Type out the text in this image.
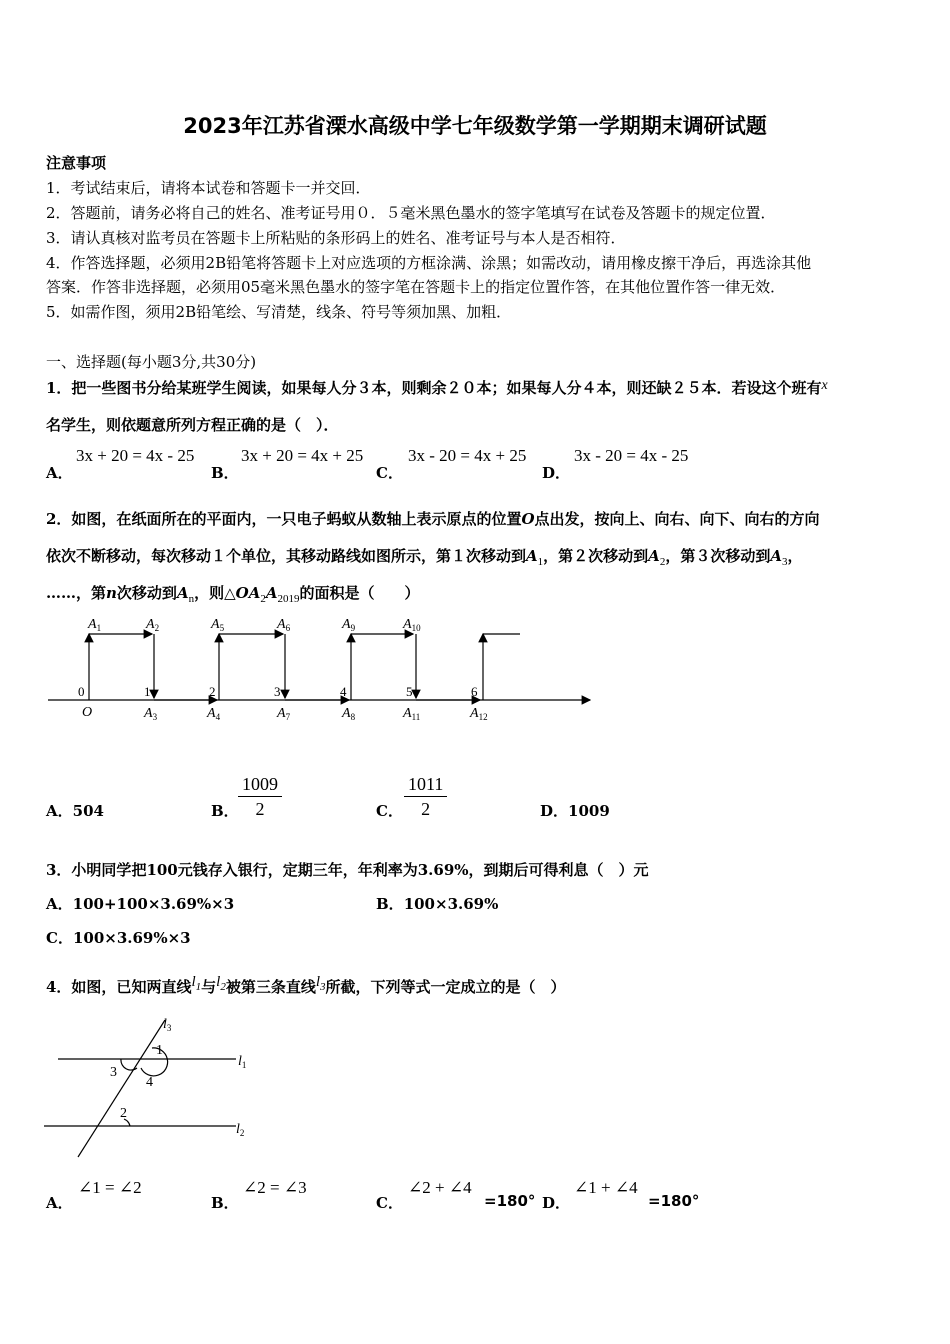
2023年江苏省溧水高级中学七年级数学第一学期期末调研试题
注意事项
1．考试结束后，请将本试卷和答题卡一并交回．
2．答题前，请务必将自己的姓名、准考证号用０．５毫米黑色墨水的签字笔填写在试卷及答题卡的规定位置．
3．请认真核对监考员在答题卡上所粘贴的条形码上的姓名、准考证号与本人是否相符．
4．作答选择题，必须用2B铅笔将答题卡上对应选项的方框涂满、涂黑；如需改动，请用橡皮擦干净后，再选涂其他
答案．作答非选择题，必须用05毫米黑色墨水的签字笔在答题卡上的指定位置作答，在其他位置作答一律无效．
5．如需作图，须用2B铅笔绘、写清楚，线条、符号等须加黑、加粗．
一、选择题(每小题3分,共30分)
1．把一些图书分给某班学生阅读，如果每人分３本，则剩余２０本；如果每人分４本，则还缺２５本．若设这个班有x
名学生，则依题意所列方程正确的是（　）．
A．
3x + 20 = 4x - 25
B．
3x + 20 = 4x + 25
C．
3x - 20 = 4x + 25
D．
3x - 20 = 4x - 25
2．如图，在纸面所在的平面内，一只电子蚂蚁从数轴上表示原点的位置O点出发，按向上、向右、向下、向右的方向
依次不断移动，每次移动１个单位，其移动路线如图所示，第１次移动到$A_1$，第２次移动到$A_2$，第３次移动到$A_3$，
……，第n次移动到$A_n$，则$\triangle OA_2A_{2019}$的面积是（　　）
$A_1$	$A_2$	$A_5$	$A_6$	$A_9$	$A_{10}$
$A_3$	$A_4$	$A_7$	$A_8$	$A_{11}$	$A_{12}$
O
0	1	2	3	4	5	6
A．504	B． $\frac{1009}{2}$	C． $\frac{1011}{2}$	D．1009
3．小明同学把100元钱存入银行，定期三年，年利率为3.69%，到期后可得利息（　）元
A．100+100×3.69%×3	B．100×3.69%
C．100×3.69%×3
4．如图，已知两直线$l_1$与$l_2$被第三条直线$l_3$所截，下列等式一定成立的是（　）
$l_3$
$l_1$
$l_2$
1
3
4
2
A．
∠1 = ∠2
B．
∠2 = ∠3
C．
∠2 + ∠4
=180° D．
∠1 + ∠4
=180°
